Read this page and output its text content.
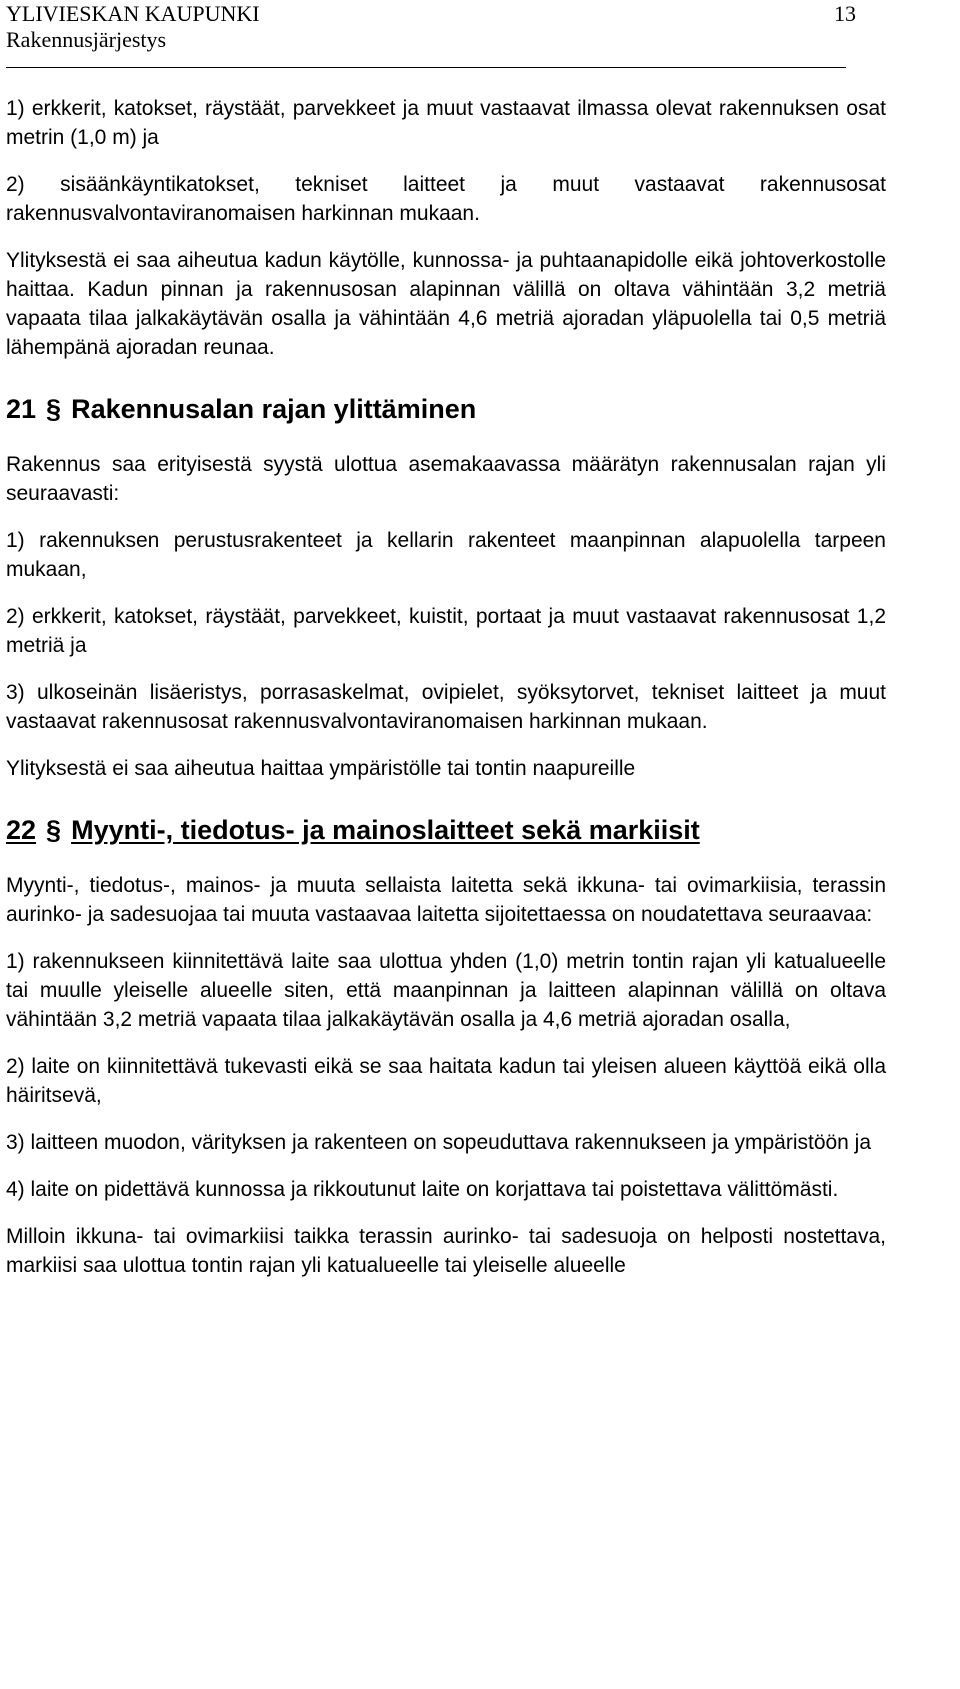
YLIVIESKAN KAUPUNKI
Rakennusjärjestys
13

1) erkkerit, katokset, räystäät, parvekkeet ja muut vastaavat ilmassa olevat rakennuksen osat metrin (1,0 m) ja

2) sisäänkäyntikatokset, tekniset laitteet ja muut vastaavat rakennusosat rakennusvalvontaviranomaisen harkinnan mukaan.

Ylityksestä ei saa aiheutua kadun käytölle, kunnossa- ja puhtaanapidolle eikä johtoverkostolle haittaa. Kadun pinnan ja rakennusosan alapinnan välillä on oltava vähintään 3,2 metriä vapaata tilaa jalkakäytävän osalla ja vähintään 4,6 metriä ajoradan yläpuolella tai 0,5 metriä lähempänä ajoradan reunaa.

21 § Rakennusalan rajan ylittäminen

Rakennus saa erityisestä syystä ulottua asemakaavassa määrätyn rakennusalan rajan yli seuraavasti:

1) rakennuksen perustusrakenteet ja kellarin rakenteet maanpinnan alapuolella tarpeen mukaan,

2) erkkerit, katokset, räystäät, parvekkeet, kuistit, portaat ja muut vastaavat rakennusosat 1,2 metriä ja

3) ulkoseinän lisäeristys, porrasaskelmat, ovipielet, syöksytorvet, tekniset laitteet ja muut vastaavat rakennusosat rakennusvalvontaviranomaisen harkinnan mukaan.

Ylityksestä ei saa aiheutua haittaa ympäristölle tai tontin naapureille

22 § Myynti-, tiedotus- ja mainoslaitteet sekä markiisit

Myynti-, tiedotus-, mainos- ja muuta sellaista laitetta sekä ikkuna- tai ovimarkiisia, terassin aurinko- ja sadesuojaa tai muuta vastaavaa laitetta sijoitettaessa on noudatettava seuraavaa:

1) rakennukseen kiinnitettävä laite saa ulottua yhden (1,0) metrin tontin rajan yli katualueelle tai muulle yleiselle alueelle siten, että maanpinnan ja laitteen alapinnan välillä on oltava vähintään 3,2 metriä vapaata tilaa jalkakäytävän osalla ja 4,6 metriä ajoradan osalla,

2) laite on kiinnitettävä tukevasti eikä se saa haitata kadun tai yleisen alueen käyttöä eikä olla häiritsevä,

3) laitteen muodon, värityksen ja rakenteen on sopeuduttava rakennukseen ja ympäristöön ja

4) laite on pidettävä kunnossa ja rikkoutunut laite on korjattava tai poistettava välittömästi.

Milloin ikkuna- tai ovimarkiisi taikka terassin aurinko- tai sadesuoja on helposti nostettava, markiisi saa ulottua tontin rajan yli katualueelle tai yleiselle alueelle
